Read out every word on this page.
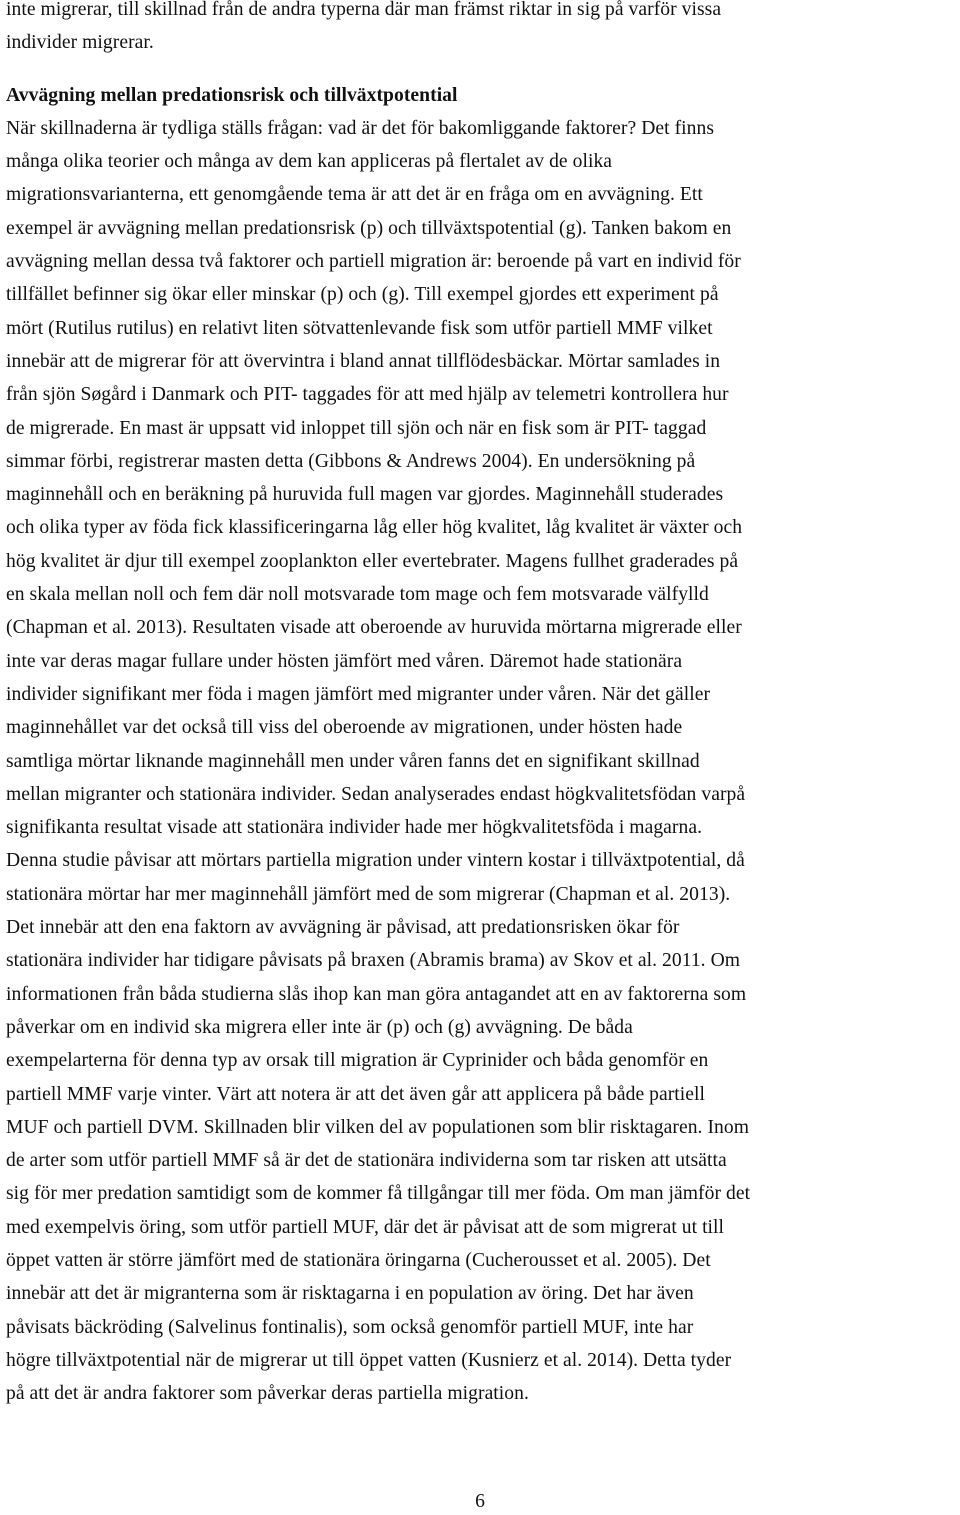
inte migrerar, till skillnad från de andra typerna där man främst riktar in sig på varför vissa
individer migrerar.
Avvägning mellan predationsrisk och tillväxtpotential
När skillnaderna är tydliga ställs frågan: vad är det för bakomliggande faktorer? Det finns
många olika teorier och många av dem kan appliceras på flertalet av de olika
migrationsvarianterna, ett genomgående tema är att det är en fråga om en avvägning. Ett
exempel är avvägning mellan predationsrisk (p) och tillväxtspotential (g). Tanken bakom en
avvägning mellan dessa två faktorer och partiell migration är: beroende på vart en individ för
tillfället befinner sig ökar eller minskar (p) och (g). Till exempel gjordes ett experiment på
mört (Rutilus rutilus) en relativt liten sötvattenlevande fisk som utför partiell MMF vilket
innebär att de migrerar för att övervintra i bland annat tillflödesbäckar. Mörtar samlades in
från sjön Søgård i Danmark och PIT- taggades för att med hjälp av telemetri kontrollera hur
de migrerade. En mast är uppsatt vid inloppet till sjön och när en fisk som är PIT- taggad
simmar förbi, registrerar masten detta (Gibbons & Andrews 2004). En undersökning på
maginnehåll och en beräkning på huruvida full magen var gjordes. Maginnehåll studerades
och olika typer av föda fick klassificeringarna låg eller hög kvalitet, låg kvalitet är växter och
hög kvalitet är djur till exempel zooplankton eller evertebrater. Magens fullhet graderades på
en skala mellan noll och fem där noll motsvarade tom mage och fem motsvarade välfylld
(Chapman et al. 2013). Resultaten visade att oberoende av huruvida mörtarna migrerade eller
inte var deras magar fullare under hösten jämfört med våren. Däremot hade stationära
individer signifikant mer föda i magen jämfört med migranter under våren. När det gäller
maginnehållet var det också till viss del oberoende av migrationen, under hösten hade
samtliga mörtar liknande maginnehåll men under våren fanns det en signifikant skillnad
mellan migranter och stationära individer. Sedan analyserades endast högkvalitetsfödan varpå
signifikanta resultat visade att stationära individer hade mer högkvalitetsföda i magarna.
Denna studie påvisar att mörtars partiella migration under vintern kostar i tillväxtpotential, då
stationära mörtar har mer maginnehåll jämfört med de som migrerar (Chapman et al. 2013).
Det innebär att den ena faktorn av avvägning är påvisad, att predationsrisken ökar för
stationära individer har tidigare påvisats på braxen (Abramis brama) av Skov et al. 2011. Om
informationen från båda studierna slås ihop kan man göra antagandet att en av faktorerna som
påverkar om en individ ska migrera eller inte är (p) och (g) avvägning. De båda
exempelarterna för denna typ av orsak till migration är Cyprinider och båda genomför en
partiell MMF varje vinter. Värt att notera är att det även går att applicera på både partiell
MUF och partiell DVM. Skillnaden blir vilken del av populationen som blir risktagaren. Inom
de arter som utför partiell MMF så är det de stationära individerna som tar risken att utsätta
sig för mer predation samtidigt som de kommer få tillgångar till mer föda. Om man jämför det
med exempelvis öring, som utför partiell MUF, där det är påvisat att de som migrerat ut till
öppet vatten är större jämfört med de stationära öringarna (Cucherousset et al. 2005). Det
innebär att det är migranterna som är risktagarna i en population av öring. Det har även
påvisats bäckröding (Salvelinus fontinalis), som också genomför partiell MUF, inte har
högre tillväxtpotential när de migrerar ut till öppet vatten (Kusnierz et al. 2014). Detta tyder
på att det är andra faktorer som påverkar deras partiella migration.
6
